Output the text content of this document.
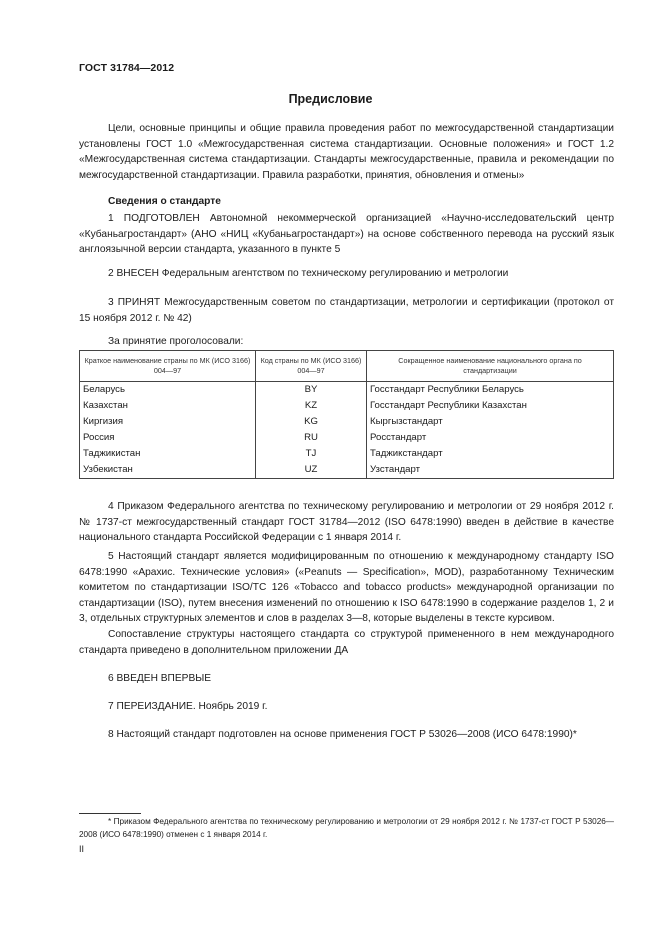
ГОСТ 31784—2012
Предисловие

Цели, основные принципы и общие правила проведения работ по межгосударственной стандартизации установлены ГОСТ 1.0 «Межгосударственная система стандартизации. Основные положения» и ГОСТ 1.2 «Межгосударственная система стандартизации. Стандарты межгосударственные, правила и рекомендации по межгосударственной стандартизации. Правила разработки, принятия, обновления и отмены»

Сведения о стандарте

1 ПОДГОТОВЛЕН Автономной некоммерческой организацией «Научно-исследовательский центр «Кубаньагростандарт» (АНО «НИЦ «Кубаньагростандарт») на основе собственного перевода на русский язык англоязычной версии стандарта, указанного в пункте 5

2 ВНЕСЕН Федеральным агентством по техническому регулированию и метрологии

3 ПРИНЯТ Межгосударственным советом по стандартизации, метрологии и сертификации (протокол от 15 ноября 2012 г. № 42)

За принятие проголосовали:

Краткое наименование страны по МК (ИСО 3166) 004—97	Код страны по МК (ИСО 3166) 004—97	Сокращенное наименование национального органа по стандартизации
Беларусь	BY	Госстандарт Республики Беларусь
Казахстан	KZ	Госстандарт Республики Казахстан
Киргизия	KG	Кыргызстандарт
Россия	RU	Росстандарт
Таджикистан	TJ	Таджикстандарт
Узбекистан	UZ	Узстандарт

4 Приказом Федерального агентства по техническому регулированию и метрологии от 29 ноября 2012 г. № 1737-ст межгосударственный стандарт ГОСТ 31784—2012 (ISO 6478:1990) введен в действие в качестве национального стандарта Российской Федерации с 1 января 2014 г.

5 Настоящий стандарт является модифицированным по отношению к международному стандарту ISO 6478:1990 «Арахис. Технические условия» («Peanuts — Specification», MOD), разработанному Техническим комитетом по стандартизации ISO/TC 126 «Tobacco and tobacco products» международной организации по стандартизации (ISO), путем внесения изменений по отношению к ISO 6478:1990 в содержание разделов 1, 2 и 3, отдельных структурных элементов и слов в разделах 3—8, которые выделены в тексте курсивом.

Сопоставление структуры настоящего стандарта со структурой примененного в нем международного стандарта приведено в дополнительном приложении ДА

6 ВВЕДЕН ВПЕРВЫЕ

7 ПЕРЕИЗДАНИЕ. Ноябрь 2019 г.

8 Настоящий стандарт подготовлен на основе применения ГОСТ Р 53026—2008 (ИСО 6478:1990)*

* Приказом Федерального агентства по техническому регулированию и метрологии от 29 ноября 2012 г. № 1737-ст ГОСТ Р 53026—2008 (ИСО 6478:1990) отменен с 1 января 2014 г.

II
